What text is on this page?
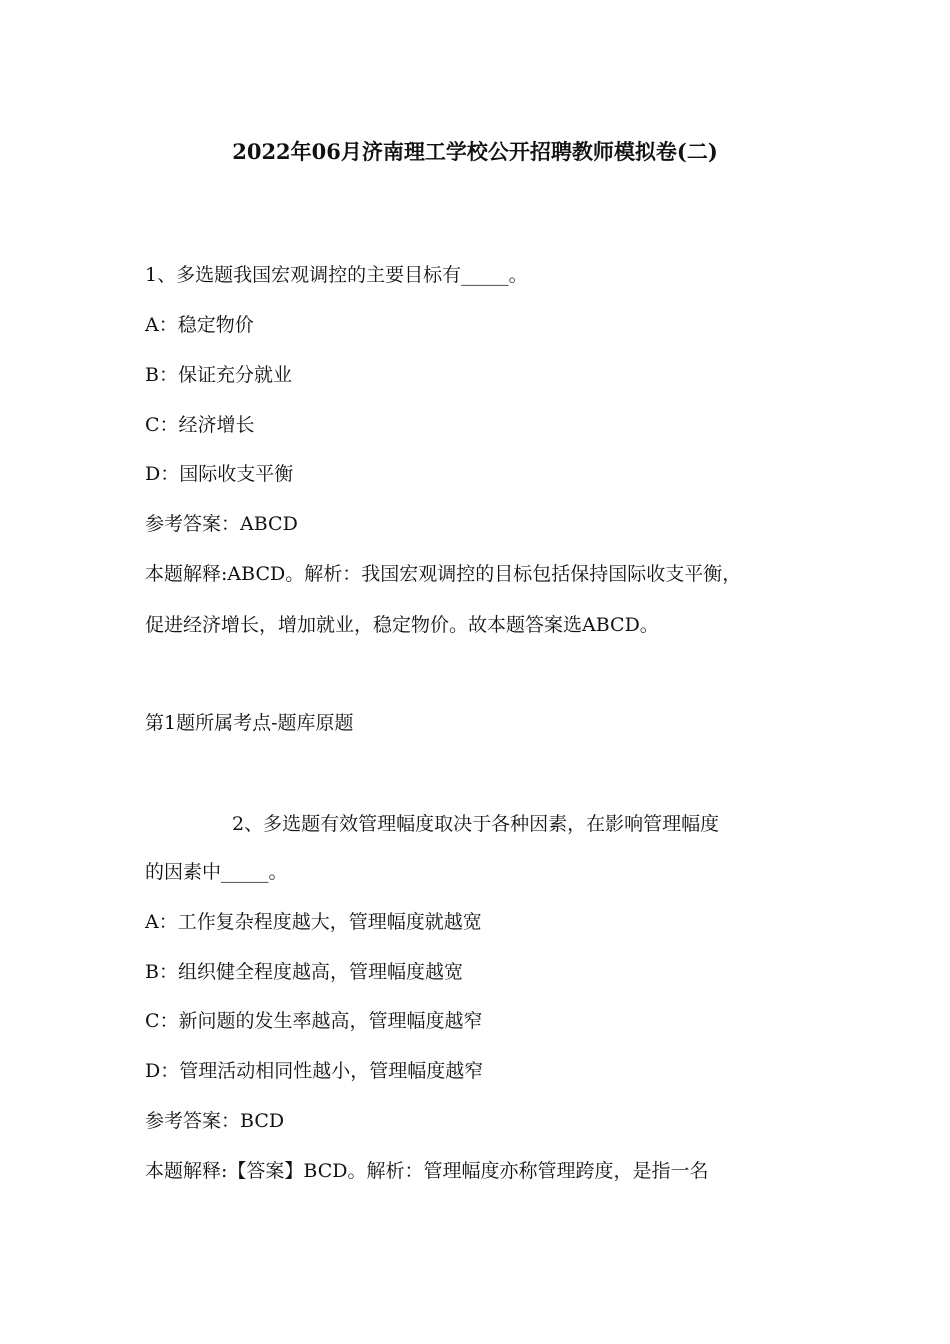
2022年06月济南理工学校公开招聘教师模拟卷(二)
1、多选题我国宏观调控的主要目标有_____。
A：稳定物价
B：保证充分就业
C：经济增长
D：国际收支平衡
参考答案：ABCD
本题解释:ABCD。解析：我国宏观调控的目标包括保持国际收支平衡，
促进经济增长，增加就业，稳定物价。故本题答案选ABCD。
第1题所属考点-题库原题
2、多选题有效管理幅度取决于各种因素，在影响管理幅度
的因素中_____。
A：工作复杂程度越大，管理幅度就越宽
B：组织健全程度越高，管理幅度越宽
C：新问题的发生率越高，管理幅度越窄
D：管理活动相同性越小，管理幅度越窄
参考答案：BCD
本题解释:【答案】BCD。解析：管理幅度亦称管理跨度，是指一名
